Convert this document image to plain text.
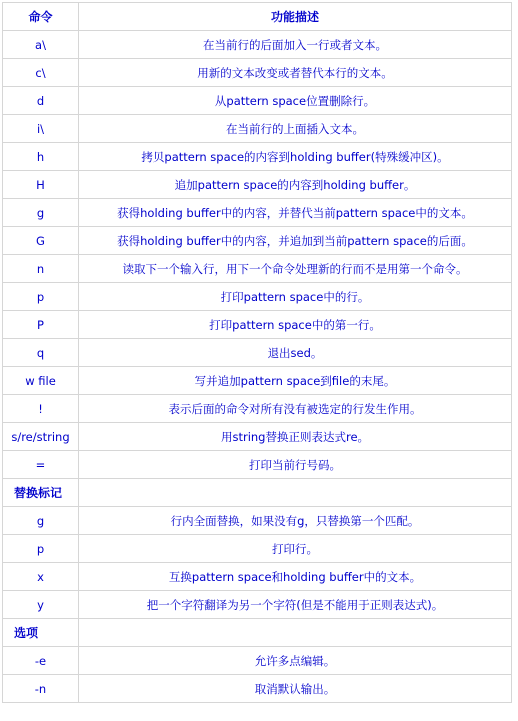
命令	功能描述
a\	在当前行的后面加入一行或者文本。
c\	用新的文本改变或者替代本行的文本。
d	从pattern space位置删除行。
i\	在当前行的上面插入文本。
h	拷贝pattern space的内容到holding buffer(特殊缓冲区)。
H	追加pattern space的内容到holding buffer。
g	获得holding buffer中的内容，并替代当前pattern space中的文本。
G	获得holding buffer中的内容，并追加到当前pattern space的后面。
n	读取下一个输入行，用下一个命令处理新的行而不是用第一个命令。
p	打印pattern space中的行。
P	打印pattern space中的第一行。
q	退出sed。
w file	写并追加pattern space到file的末尾。
!	表示后面的命令对所有没有被选定的行发生作用。
s/re/string	用string替换正则表达式re。
=	打印当前行号码。
替换标记	
g	行内全面替换，如果没有g，只替换第一个匹配。
p	打印行。
x	互换pattern space和holding buffer中的文本。
y	把一个字符翻译为另一个字符(但是不能用于正则表达式)。
选项	
-e	允许多点编辑。
-n	取消默认输出。
